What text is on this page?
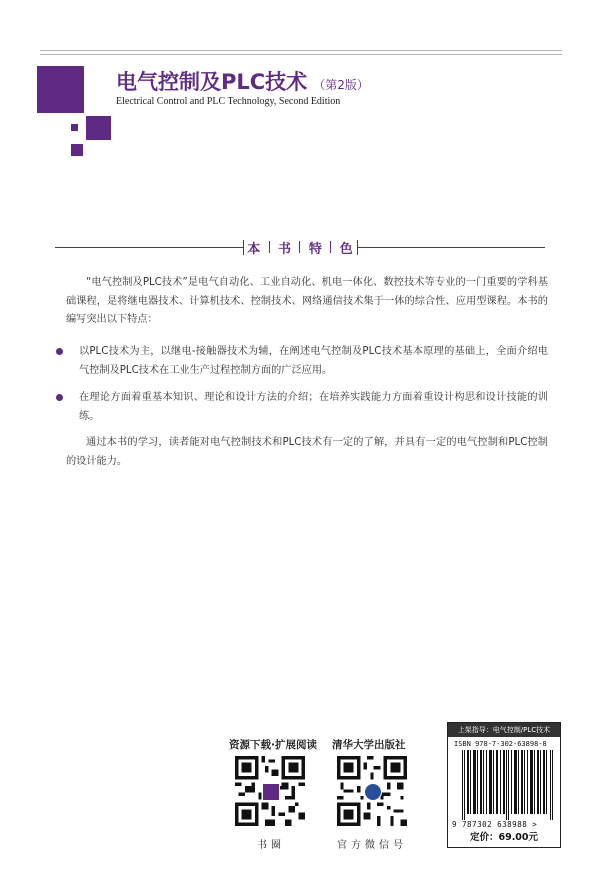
电气控制及PLC技术 （第2版）
Electrical Control and PLC Technology, Second Edition
本 书 特 色
“电气控制及PLC技术”是电气自动化、工业自动化、机电一体化、数控技术等专业的一门重要的学科基础课程，是将继电器技术、计算机技术、控制技术、网络通信技术集于一体的综合性、应用型课程。本书的编写突出以下特点：
以PLC技术为主，以继电-接触器技术为辅，在阐述电气控制及PLC技术基本原理的基础上，全面介绍电气控制及PLC技术在工业生产过程控制方面的广泛应用。
在理论方面着重基本知识、理论和设计方法的介绍；在培养实践能力方面着重设计构思和设计技能的训练。
通过本书的学习，读者能对电气控制技术和PLC技术有一定的了解，并具有一定的电气控制和PLC控制的设计能力。
资源下载·扩展阅读 清华大学出版社
书圈	官方微信号
上架指导：电气控制/PLC技术
ISBN 978-7-302-63898-8
9 787302 638988 >
定价：69.00元
